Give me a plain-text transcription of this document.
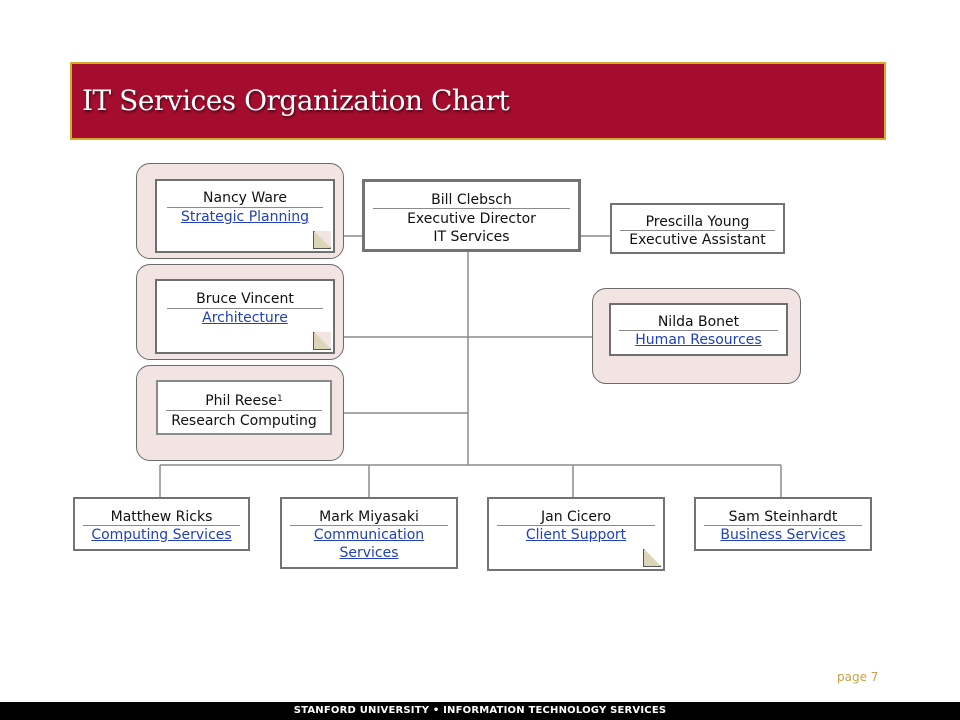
IT Services Organization Chart
Nancy Ware
Strategic Planning
Bill Clebsch
Executive Director
IT Services
Prescilla Young
Executive Assistant
Bruce Vincent
Architecture	Nilda Bonet
Human Resources
Phil Reese$^1$
Research Computing
Matthew Ricks
Computing Services
Mark Miyasaki
Communication
Services
Jan Cicero
Client Support
Sam Steinhardt
Business Services
page 7
STANFORD UNIVERSITY • INFORMATION TECHNOLOGY SERVICES
